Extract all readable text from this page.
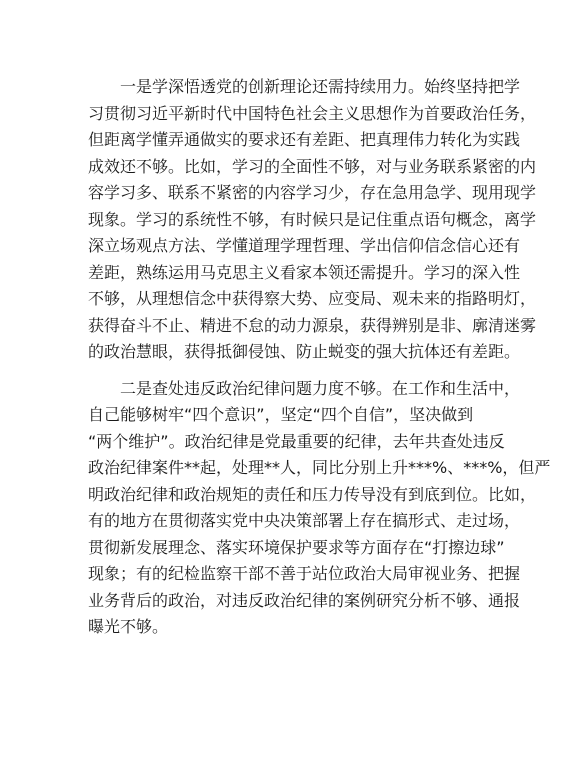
一是学深悟透党的创新理论还需持续用力。始终坚持把学
习贯彻习近平新时代中国特色社会主义思想作为首要政治任务，
但距离学懂弄通做实的要求还有差距、把真理伟力转化为实践
成效还不够。比如，学习的全面性不够，对与业务联系紧密的内
容学习多、联系不紧密的内容学习少，存在急用急学、现用现学
现象。学习的系统性不够，有时候只是记住重点语句概念，离学
深立场观点方法、学懂道理学理哲理、学出信仰信念信心还有
差距，熟练运用马克思主义看家本领还需提升。学习的深入性
不够，从理想信念中获得察大势、应变局、观未来的指路明灯，
获得奋斗不止、精进不怠的动力源泉，获得辨别是非、廓清迷雾
的政治慧眼，获得抵御侵蚀、防止蜕变的强大抗体还有差距。
二是查处违反政治纪律问题力度不够。在工作和生活中，
自己能够树牢“四个意识”，坚定“四个自信”，坚决做到
“两个维护”。政治纪律是党最重要的纪律，去年共查处违反
政治纪律案件**起，处理**人，同比分别上升***%、***%，但严
明政治纪律和政治规矩的责任和压力传导没有到底到位。比如，
有的地方在贯彻落实党中央决策部署上存在搞形式、走过场，
贯彻新发展理念、落实环境保护要求等方面存在“打擦边球”
现象；有的纪检监察干部不善于站位政治大局审视业务、把握
业务背后的政治，对违反政治纪律的案例研究分析不够、通报
曝光不够。
